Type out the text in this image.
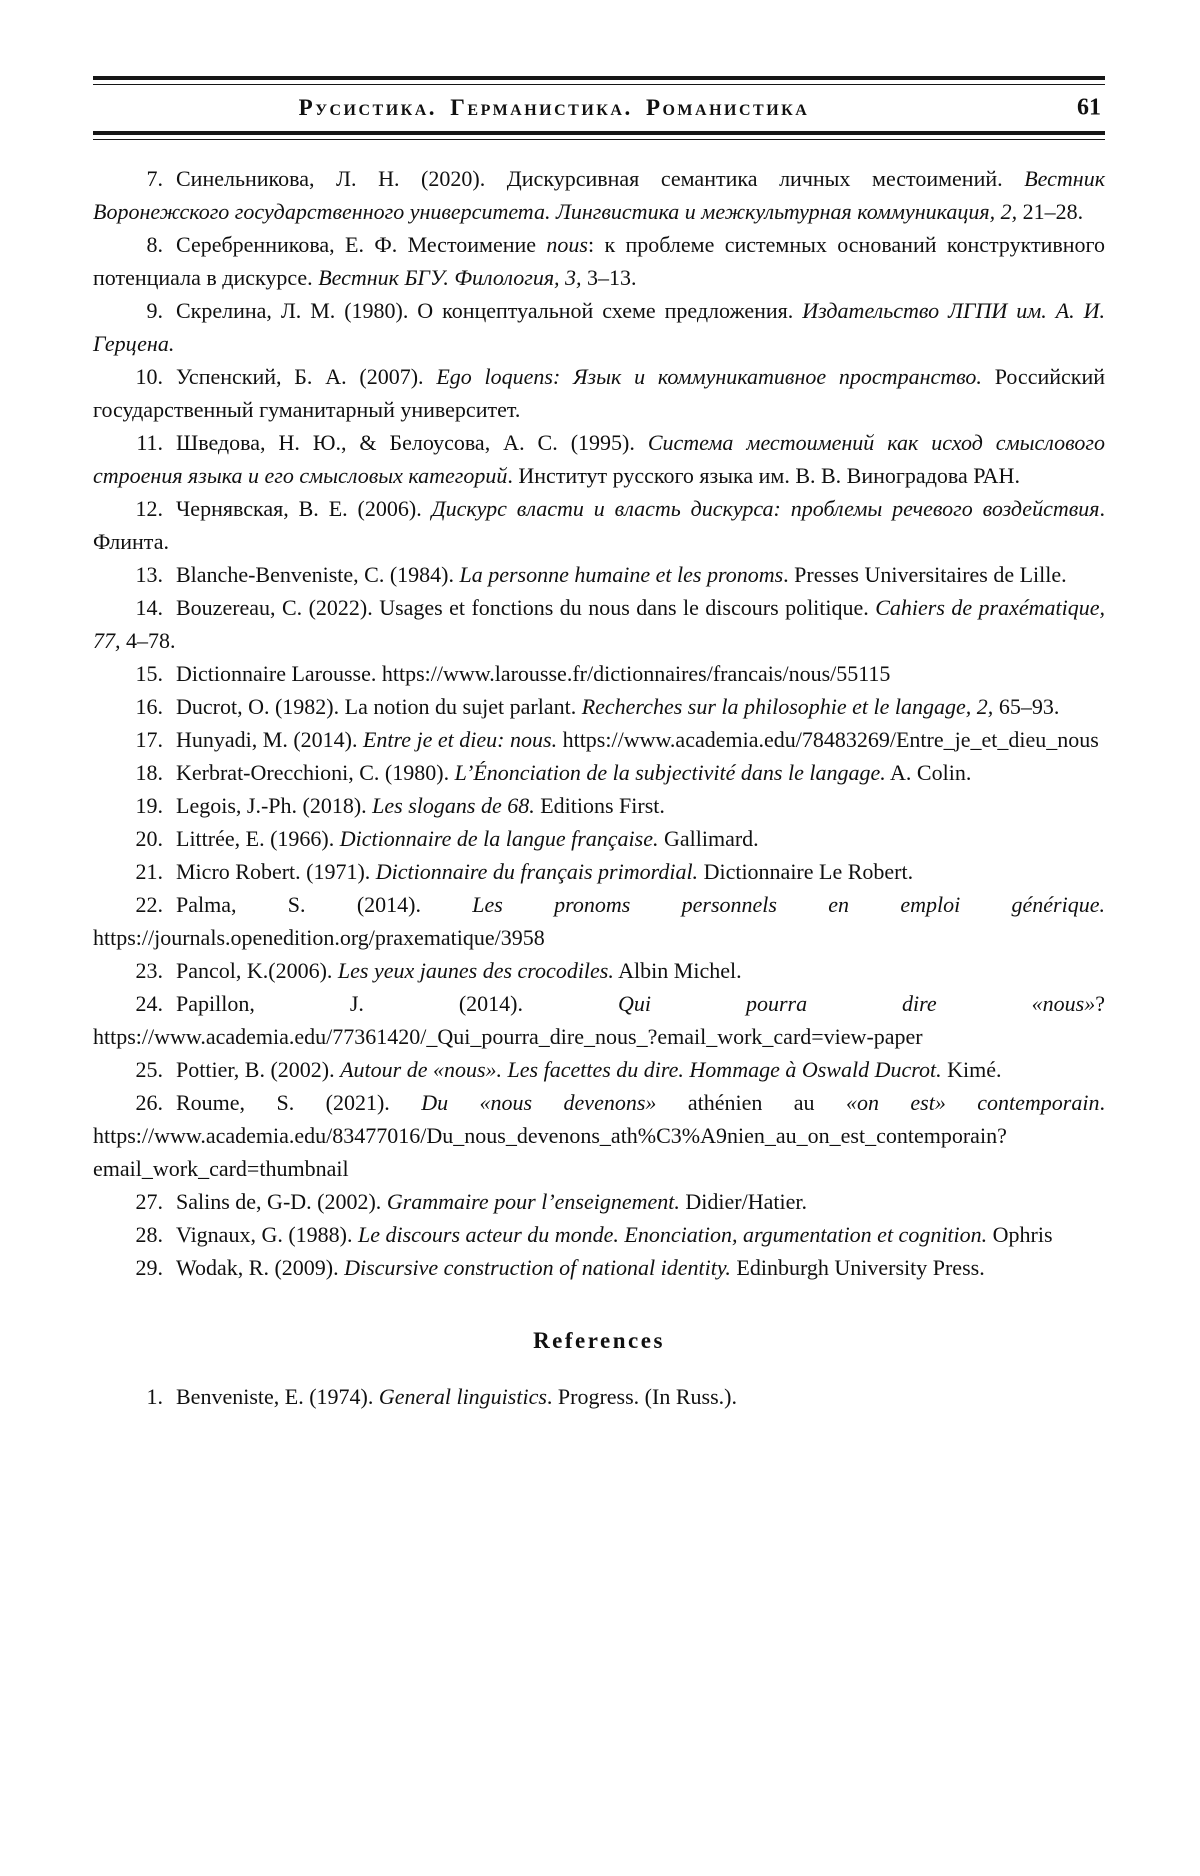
Русистика. Германистика. Романистика	61

7. Синельникова, Л. Н. (2020). Дискурсивная семантика личных местоимений. Вестник Воронежского государственного университета. Лингвистика и межкультурная коммуникация, 2, 21–28.

8. Серебренникова, Е. Ф. Местоимение nous: к проблеме системных оснований конструктивного потенциала в дискурсе. Вестник БГУ. Филология, 3, 3–13.

9. Скрелина, Л. М. (1980). О концептуальной схеме предложения. Издательство ЛГПИ им. А. И. Герцена.

10. Успенский, Б. А. (2007). Ego loquens: Язык и коммуникативное пространство. Российский государственный гуманитарный университет.

11. Шведова, Н. Ю., & Белоусова, А. С. (1995). Система местоимений как исход смыслового строения языка и его смысловых категорий. Институт русского языка им. В. В. Виноградова РАН.

12. Чернявская, В. Е. (2006). Дискурс власти и власть дискурса: проблемы речевого воздействия. Флинта.

13. Blanche-Benveniste, C. (1984). La personne humaine et les pronoms. Presses Universitaires de Lille.

14. Bouzereau, C. (2022). Usages et fonctions du nous dans le discours politique. Cahiers de praxématique, 77, 4–78.

15. Dictionnaire Larousse. https://www.larousse.fr/dictionnaires/francais/nous/55115

16. Ducrot, O. (1982). La notion du sujet parlant. Recherches sur la philosophie et le langage, 2, 65–93.

17. Hunyadi, M. (2014). Entre je et dieu: nous. https://www.academia.edu/78483269/Entre_je_et_dieu_nous

18. Kerbrat-Orecchioni, C. (1980). L’Énonciation de la subjectivité dans le langage. A. Colin.

19. Legois, J.-Ph. (2018). Les slogans de 68. Editions First.

20. Littrée, E. (1966). Dictionnaire de la langue française. Gallimard.

21. Micro Robert. (1971). Dictionnaire du français primordial. Dictionnaire Le Robert.

22. Palma, S. (2014). Les pronoms personnels en emploi générique. https://journals.openedition.org/praxematique/3958

23. Pancol, K.(2006). Les yeux jaunes des crocodiles. Albin Michel.

24. Papillon, J. (2014). Qui pourra dire «nous»? https://www.academia.edu/77361420/_Qui_pourra_dire_nous_?email_work_card=view-paper

25. Pottier, B. (2002). Autour de «nous». Les facettes du dire. Hommage à Oswald Ducrot. Kimé.

26. Roume, S. (2021). Du «nous devenons» athénien au «on est» contemporain. https://www.academia.edu/83477016/Du_nous_devenons_ath%C3%A9nien_au_on_est_contemporain?email_work_card=thumbnail

27. Salins de, G-D. (2002). Grammaire pour l’enseignement. Didier/Hatier.

28. Vignaux, G. (1988). Le discours acteur du monde. Enonciation, argumentation et cognition. Ophris

29. Wodak, R. (2009). Discursive construction of national identity. Edinburgh University Press.

References

1. Benveniste, E. (1974). General linguistics. Progress. (In Russ.).
